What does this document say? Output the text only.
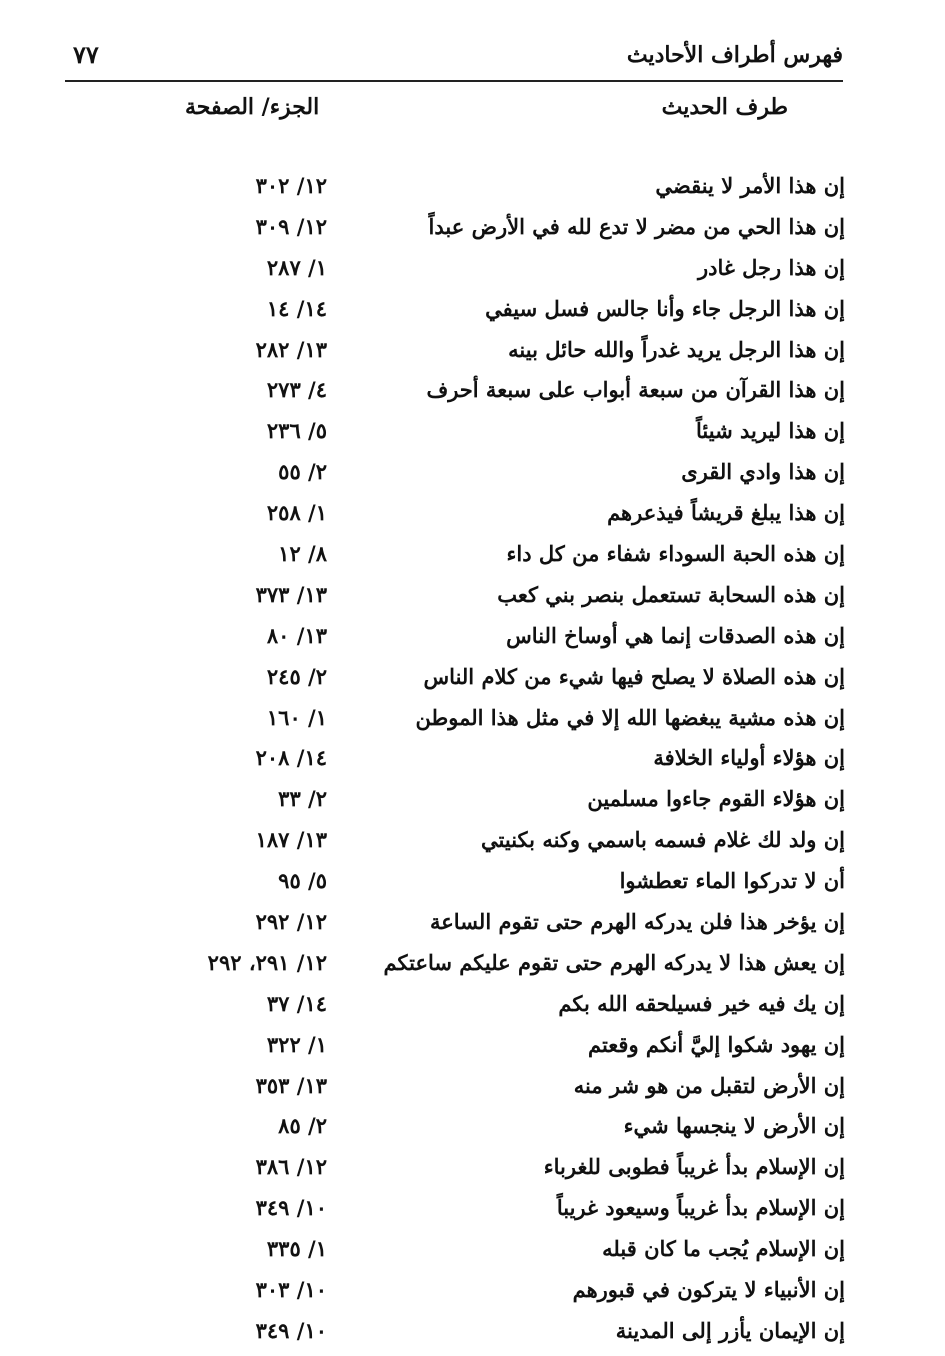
فهرس أطراف الأحاديث
٧٧
طرف الحديث
الجزء/ الصفحة
إن هذا الأمر لا ينقضي
١٢/ ٣٠٢
إن هذا الحي من مضر لا تدع لله في الأرض عبداً
١٢/ ٣٠٩
إن هذا رجل غادر
١/ ٢٨٧
إن هذا الرجل جاء وأنا جالس فسل سيفي
١٤/ ١٤
إن هذا الرجل يريد غدراً والله حائل بينه
١٣/ ٢٨٢
إن هذا القرآن من سبعة أبواب على سبعة أحرف
٤/ ٢٧٣
إن هذا ليريد شيئاً
٥/ ٢٣٦
إن هذا وادي القرى
٢/ ٥٥
إن هذا يبلغ قريشاً فيذعرهم
١/ ٢٥٨
إن هذه الحبة السوداء شفاء من كل داء
٨/ ١٢
إن هذه السحابة تستعمل بنصر بني كعب
١٣/ ٣٧٣
إن هذه الصدقات إنما هي أوساخ الناس
١٣/ ٨٠
إن هذه الصلاة لا يصلح فيها شيء من كلام الناس
٢/ ٢٤٥
إن هذه مشية يبغضها الله إلا في مثل هذا الموطن
١/ ١٦٠
إن هؤلاء أولياء الخلافة
١٤/ ٢٠٨
إن هؤلاء القوم جاءوا مسلمين
٢/ ٣٣
إن ولد لك غلام فسمه باسمي وكنه بكنيتي
١٣/ ١٨٧
أن لا تدركوا الماء تعطشوا
٥/ ٩٥
إن يؤخر هذا فلن يدركه الهرم حتى تقوم الساعة
١٢/ ٢٩٢
إن يعش هذا لا يدركه الهرم حتى تقوم عليكم ساعتكم
١٢/ ٢٩١، ٢٩٢
إن يك فيه خير فسيلحقه الله بكم
١٤/ ٣٧
إن يهود شكوا إليَّ أنكم وقعتم
١/ ٣٢٢
إن الأرض لتقبل من هو شر منه
١٣/ ٣٥٣
إن الأرض لا ينجسها شيء
٢/ ٨٥
إن الإسلام بدأ غريباً فطوبى للغرباء
١٢/ ٣٨٦
إن الإسلام بدأ غريباً وسيعود غريباً
١٠/ ٣٤٩
إن الإسلام يُجب ما كان قبله
١/ ٣٣٥
إن الأنبياء لا يتركون في قبورهم
١٠/ ٣٠٣
إن الإيمان يأزر إلى المدينة
١٠/ ٣٤٩
